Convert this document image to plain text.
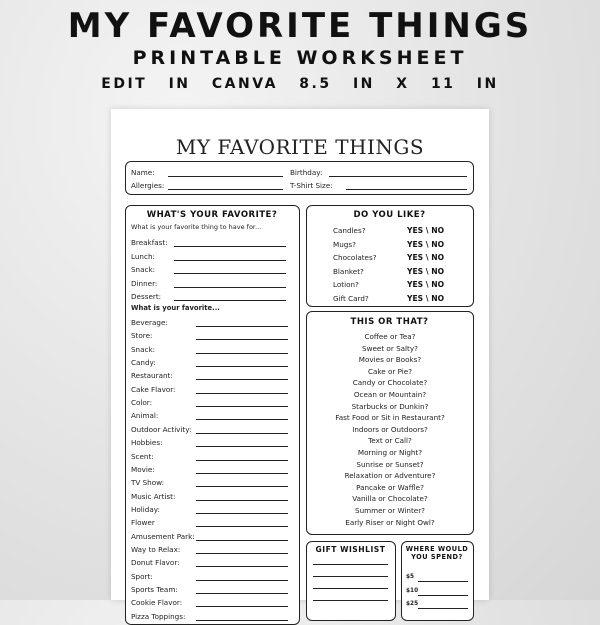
MY FAVORITE THINGS
PRINTABLE WORKSHEET
EDIT IN CANVA 8.5 IN X 11 IN
MY FAVORITE THINGS
Name:	Birthday:
Allergies:	T-Shirt Size:
WHAT'S YOUR FAVORITE?
What is your favorite thing to have for...
Breakfast:
Lunch:
Snack:
Dinner:
Dessert:
What is your favorite...
Beverage:
Store:
Snack:
Candy:
Restaurant:
Cake Flavor:
Color:
Animal:
Outdoor Activity:
Hobbies:
Scent:
Movie:
TV Show:
Music Artist:
Holiday:
Flower
Amusement Park:
Way to Relax:
Donut Flavor:
Sport:
Sports Team:
Cookie Flavor:
Pizza Toppings:
DO YOU LIKE?
Candles?	YES \ NO
Mugs?	YES \ NO
Chocolates?	YES \ NO
Blanket?	YES \ NO
Lotion?	YES \ NO
Gift Card?	YES \ NO
THIS OR THAT?
Coffee or Tea?
Sweet or Salty?
Movies or Books?
Cake or Pie?
Candy or Chocolate?
Ocean or Mountain?
Starbucks or Dunkin?
Fast Food or Sit in Restaurant?
Indoors or Outdoors?
Text or Call?
Morning or Night?
Sunrise or Sunset?
Relaxation or Adventure?
Pancake or Waffle?
Vanilla or Chocolate?
Summer or Winter?
Early Riser or Night Owl?
GIFT WISHLIST	WHERE WOULD
YOU SPEND?
$5
$10
$25
